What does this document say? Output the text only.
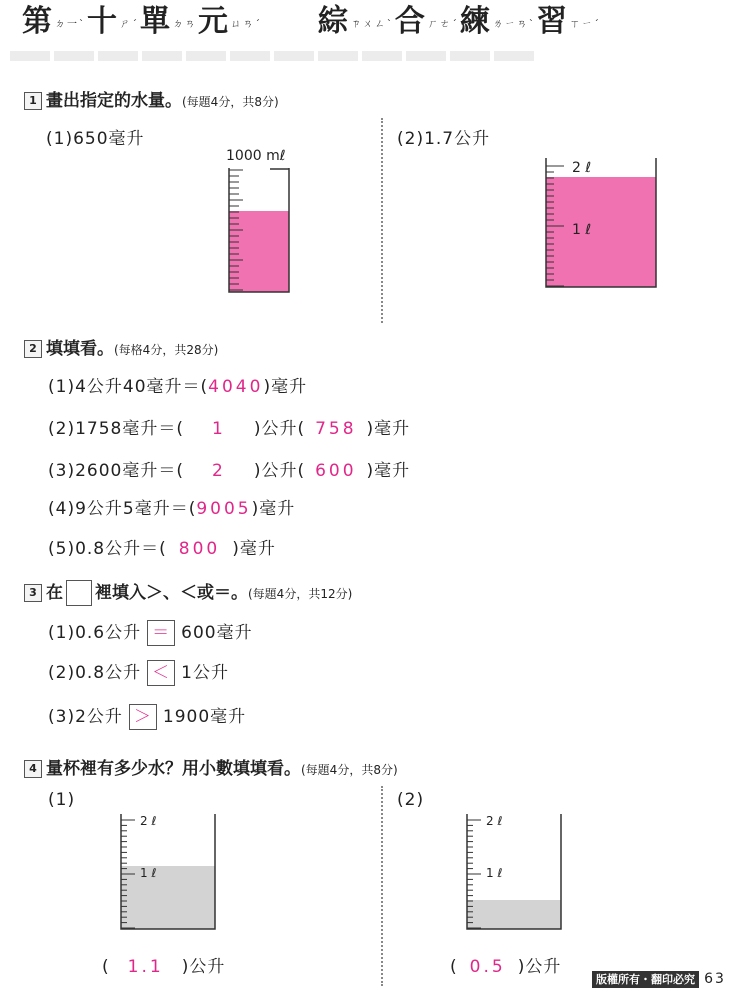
第ㄉ一ˋ十ㄕˊ單ㄉㄢ元ㄩㄢˊ 綜ㄗㄨㄥˋ合ㄏㄜˊ練ㄌㄧㄢˋ習ㄒㄧˊ
1 畫出指定的水量。(每題4分，共8分)
(1)650毫升	(2)1.7公升
1000 mℓ
2 ℓ
1 ℓ
2 填填看。(每格4分，共28分)
(1)4公升40毫升＝(4040)毫升
(2)1758毫升＝( 1 )公升( 758 )毫升
(3)2600毫升＝( 2 )公升( 600 )毫升
(4)9公升5毫升＝(9005)毫升
(5)0.8公升＝( 800 )毫升
3 在 裡填入＞、＜或＝。(每題4分，共12分)
(1)0.6公升 ＝ 600毫升
(2)0.8公升 ＜ 1公升
(3)2公升 ＞ 1900毫升
4 量杯裡有多少水？用小數填填看。(每題4分，共8分)
(1)	(2)
2 ℓ
1 ℓ
2 ℓ
1 ℓ
( 1.1 )公升	( 0.5 )公升
版權所有・翻印必究 63
